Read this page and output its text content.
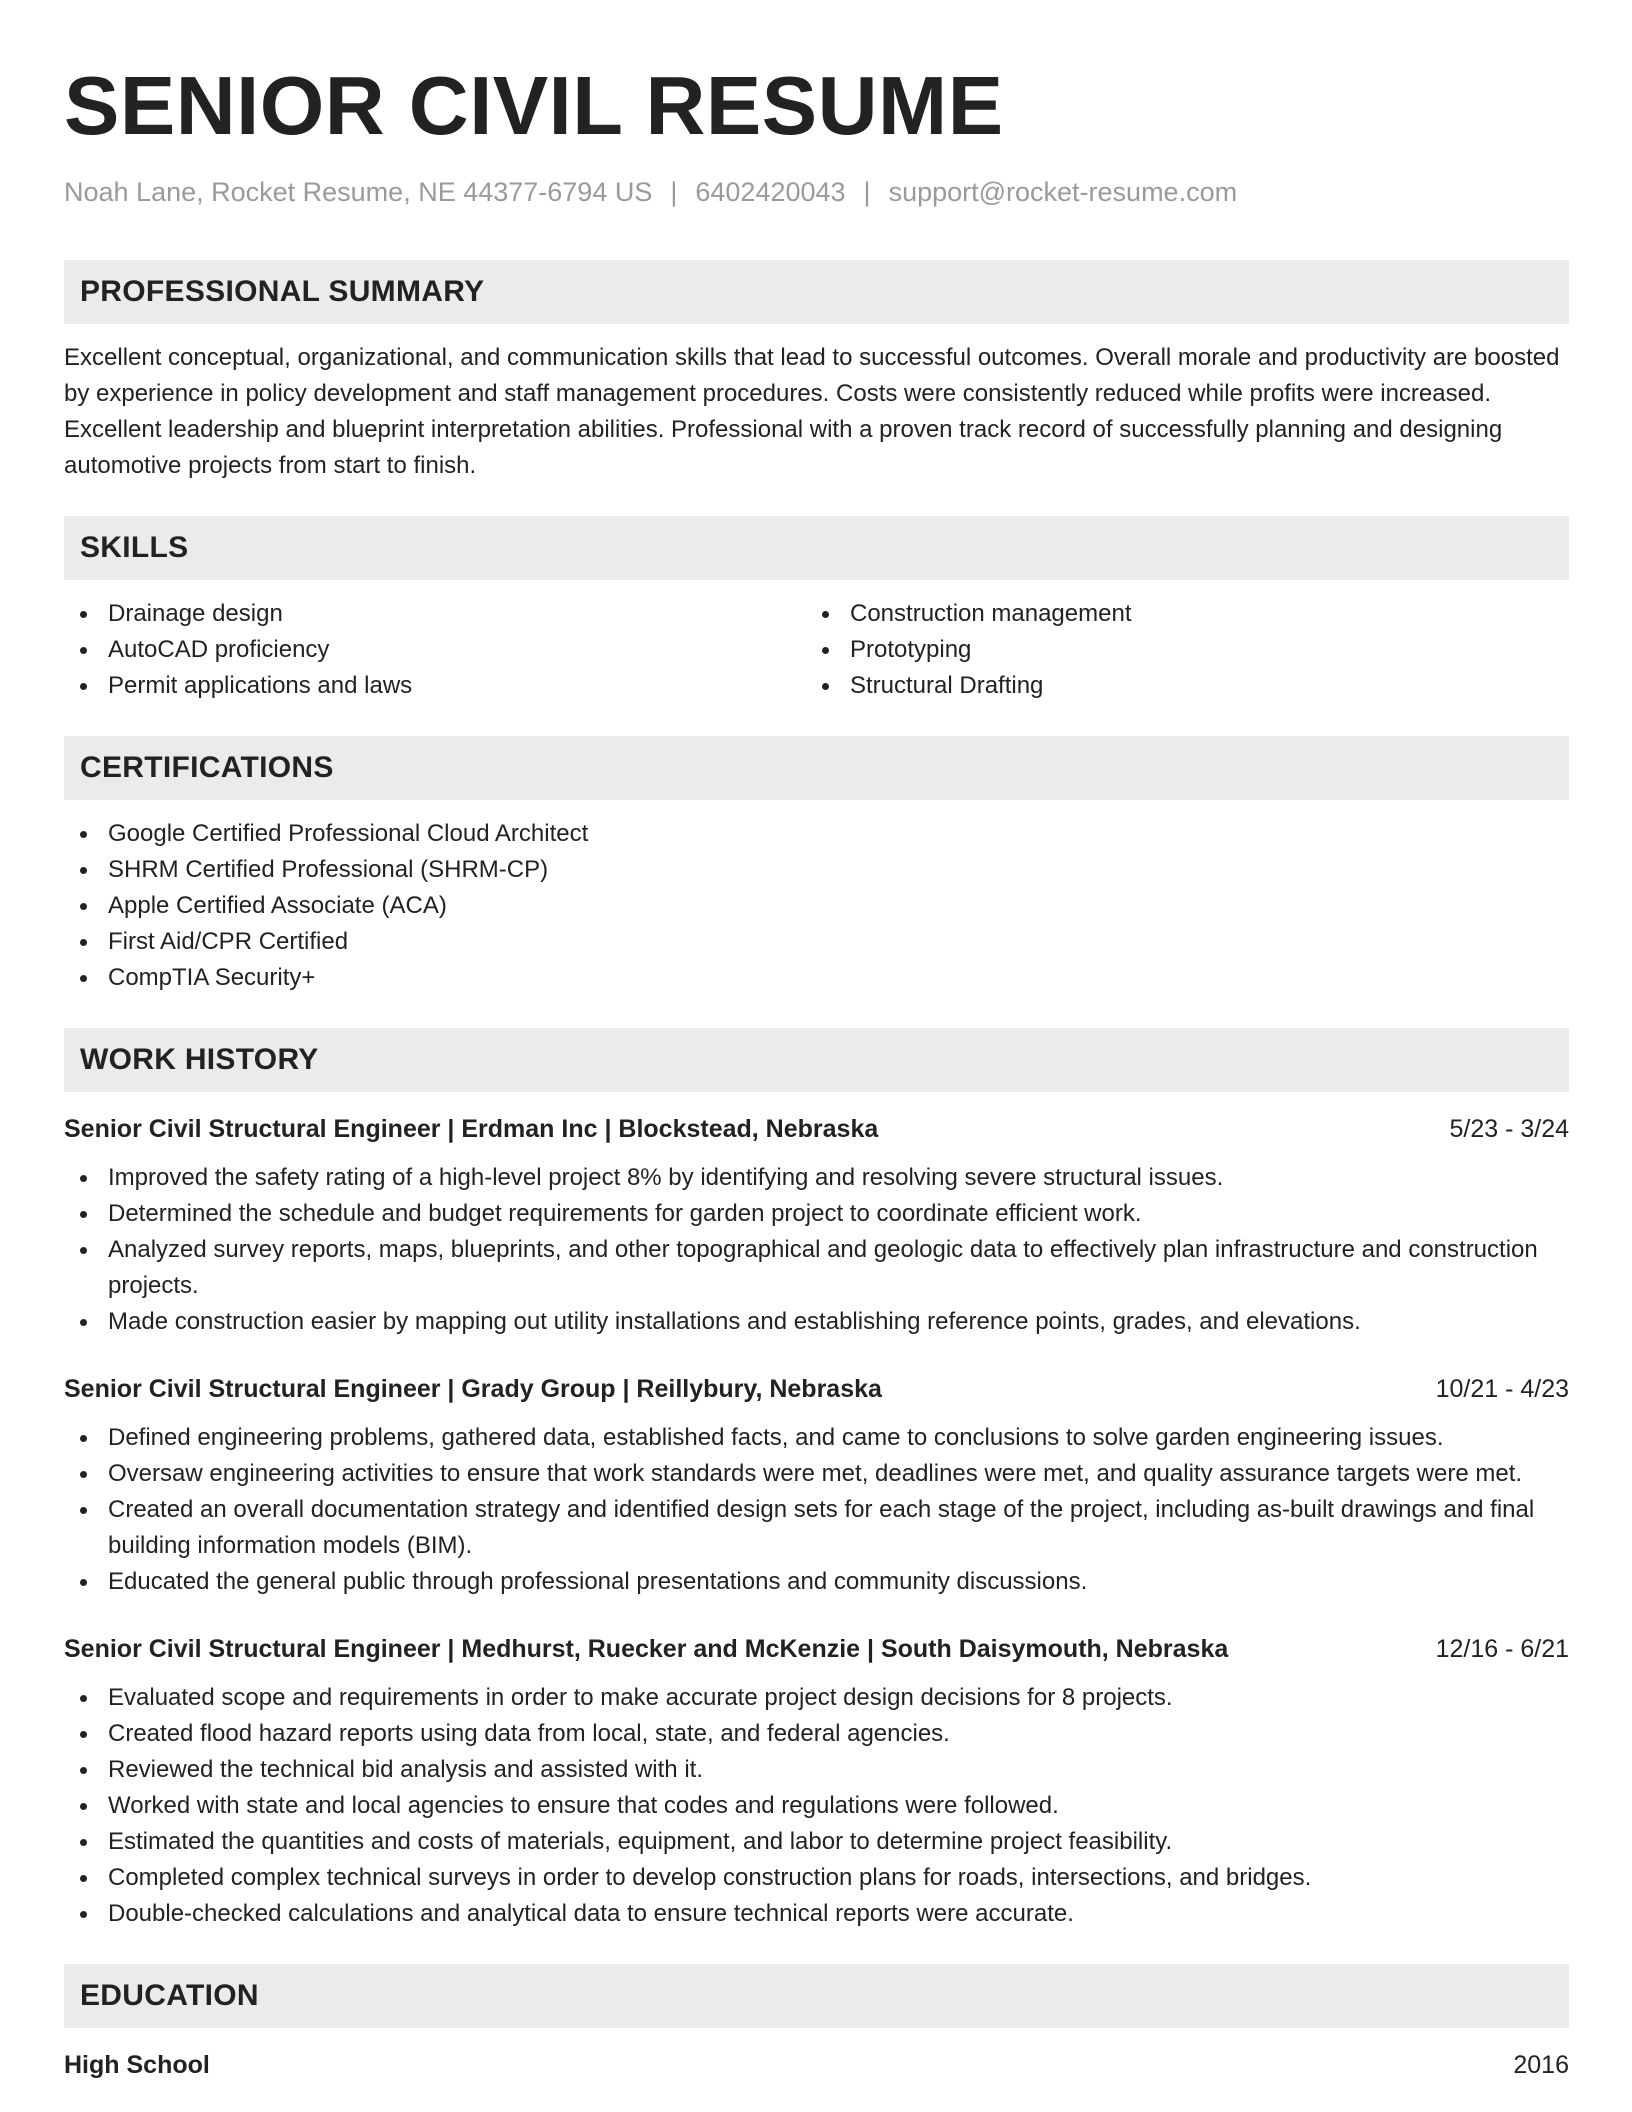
SENIOR CIVIL RESUME
Noah Lane, Rocket Resume, NE 44377-6794 US | 6402420043 | support@rocket-resume.com
PROFESSIONAL SUMMARY

Excellent conceptual, organizational, and communication skills that lead to successful outcomes. Overall morale and productivity are boosted by experience in policy development and staff management procedures. Costs were consistently reduced while profits were increased. Excellent leadership and blueprint interpretation abilities. Professional with a proven track record of successfully planning and designing automotive projects from start to finish.

SKILLS
Drainage design
AutoCAD proficiency
Permit applications and laws
Construction management
Prototyping
Structural Drafting
CERTIFICATIONS
Google Certified Professional Cloud Architect
SHRM Certified Professional (SHRM-CP)
Apple Certified Associate (ACA)
First Aid/CPR Certified
CompTIA Security+
WORK HISTORY
Senior Civil Structural Engineer | Erdman Inc | Blockstead, Nebraska	5/23 - 3/24
Improved the safety rating of a high-level project 8% by identifying and resolving severe structural issues.
Determined the schedule and budget requirements for garden project to coordinate efficient work.
Analyzed survey reports, maps, blueprints, and other topographical and geologic data to effectively plan infrastructure and construction projects.
Made construction easier by mapping out utility installations and establishing reference points, grades, and elevations.
Senior Civil Structural Engineer | Grady Group | Reillybury, Nebraska	10/21 - 4/23
Defined engineering problems, gathered data, established facts, and came to conclusions to solve garden engineering issues.
Oversaw engineering activities to ensure that work standards were met, deadlines were met, and quality assurance targets were met.
Created an overall documentation strategy and identified design sets for each stage of the project, including as-built drawings and final building information models (BIM).
Educated the general public through professional presentations and community discussions.
Senior Civil Structural Engineer | Medhurst, Ruecker and McKenzie | South Daisymouth, Nebraska	12/16 - 6/21
Evaluated scope and requirements in order to make accurate project design decisions for 8 projects.
Created flood hazard reports using data from local, state, and federal agencies.
Reviewed the technical bid analysis and assisted with it.
Worked with state and local agencies to ensure that codes and regulations were followed.
Estimated the quantities and costs of materials, equipment, and labor to determine project feasibility.
Completed complex technical surveys in order to develop construction plans for roads, intersections, and bridges.
Double-checked calculations and analytical data to ensure technical reports were accurate.
EDUCATION
High School	2016
